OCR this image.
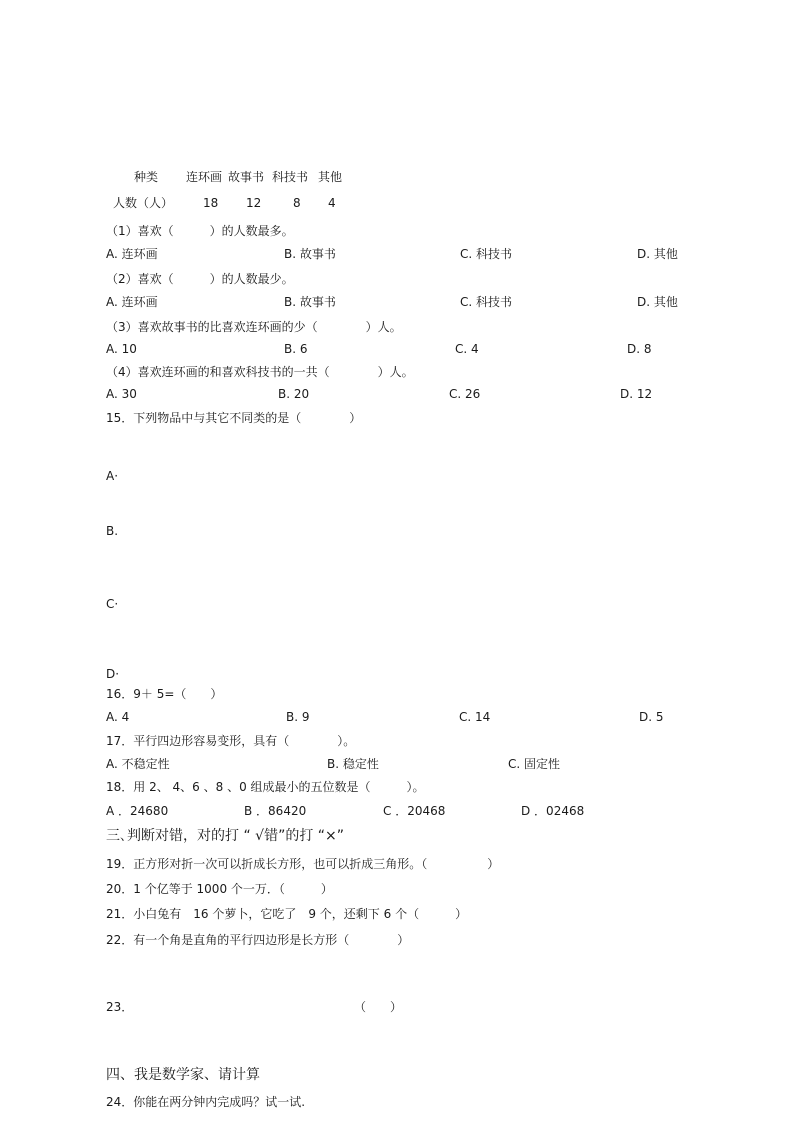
种类 连环画 故事书 科技书 其他
人数（人） 18 12	8 4
（1）喜欢（　　　）的人数最多。
A. 连环画	B. 故事书	C. 科技书	D. 其他
（2）喜欢（　　　）的人数最少。
A. 连环画	B. 故事书	C. 科技书	D. 其他
（3）喜欢故事书的比喜欢连环画的少（　　　　）人。
A. 10	B. 6	C. 4	D. 8
（4）喜欢连环画的和喜欢科技书的一共（　　　　）人。
A. 30	B. 20	C. 26	D. 12
15．下列物品中与其它不同类的是（　　　　）
A·
B.
C·
D·
16．9＋ 5=（　　）
A. 4	B. 9	C. 14	D. 5
17．平行四边形容易变形，具有（　　　　）。
A. 不稳定性	B. 稳定性	C. 固定性
18．用 2、 4、6 、8 、0 组成最小的五位数是（　　　）。
A ．24680	B ．86420	C ．20468	D ．02468
三､判断对错，对的打 “ √错”的打 “×”
19．正方形对折一次可以折成长方形，也可以折成三角形。（　　　　　）
20．1 个亿等于 1000 个一万．（　　　）
21．小白兔有　16 个萝卜，它吃了　9 个，还剩下 6 个（　　　）
22．有一个角是直角的平行四边形是长方形（　　　　）
23．	（　　）
四、我是数学家、请计算
24．你能在两分钟内完成吗？试一试.
